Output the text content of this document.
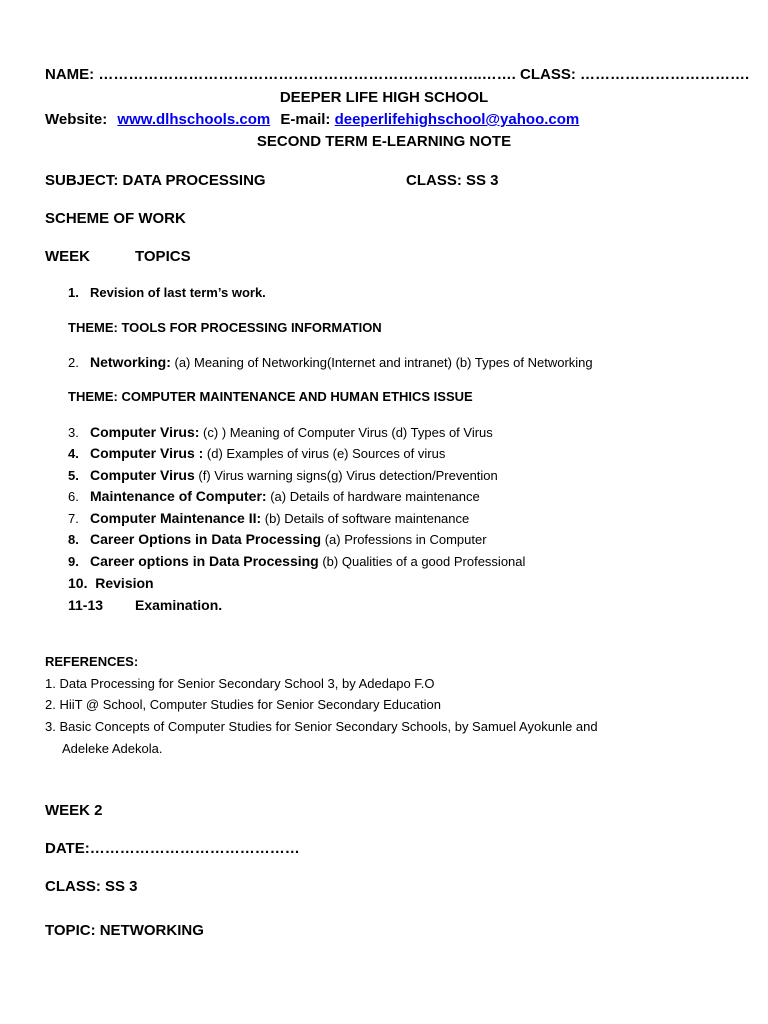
NAME: …………………………………………………………………..……. CLASS: …………………………….
DEEPER LIFE HIGH SCHOOL
Website: www.dlhschools.com E-mail: deeperlifehighschool@yahoo.com
SECOND TERM E-LEARNING NOTE
SUBJECT: DATA PROCESSING	CLASS: SS 3
SCHEME OF WORK
WEEK	TOPICS
1. Revision of last term’s work.
THEME: TOOLS FOR PROCESSING INFORMATION
2. Networking: (a) Meaning of Networking(Internet and intranet) (b) Types of Networking
THEME: COMPUTER MAINTENANCE AND HUMAN ETHICS ISSUE
3. Computer Virus: (c) ) Meaning of Computer Virus (d) Types of Virus
4. Computer Virus : (d) Examples of virus (e) Sources of virus
5. Computer Virus (f) Virus warning signs(g) Virus detection/Prevention
6. Maintenance of Computer: (a) Details of hardware maintenance
7. Computer Maintenance II: (b) Details of software maintenance
8. Career Options in Data Processing (a) Professions in Computer
9. Career options in Data Processing (b) Qualities of a good Professional
10. Revision
11-13 Examination.
REFERENCES:
1. Data Processing for Senior Secondary School 3, by Adedapo F.O
2. HiiT @ School, Computer Studies for Senior Secondary Education
3. Basic Concepts of Computer Studies for Senior Secondary Schools, by Samuel Ayokunle and
Adeleke Adekola.
WEEK 2
DATE:……………………………………
CLASS: SS 3
TOPIC: NETWORKING
